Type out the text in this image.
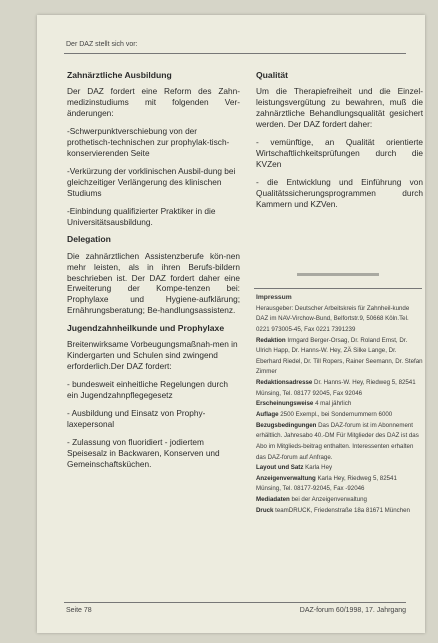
Der DAZ stellt sich vor:
Zahnärztliche Ausbildung

Der DAZ fordert eine Reform des Zahn-medizinstudiums mit folgenden Ver-änderungen:

-Schwerpunktverschiebung von der prothetisch-technischen zur prophylak-tisch-konservierenden Seite

-Verkürzung der vorklinischen Ausbil-dung bei gleichzeitiger Verlängerung des klinischen Studiums

-Einbindung qualifizierter Praktiker in die Universitätsausbildung.

Delegation

Die zahnärztlichen Assistenzberufe kön-nen mehr leisten, als in ihren Berufs-bildern beschrieben ist. Der DAZ fordert daher eine Erweiterung der Kompe-tenzen bei: Prophylaxe und Hygiene-aufklärung; Ernährungsberatung; Be-handlungsassistenz.

Jugendzahnheilkunde und Prophylaxe

Breitenwirksame Vorbeugungsmaßnah-men in Kindergarten und Schulen sind zwingend erforderlich.Der DAZ fordert:

- bundesweit einheitliche Regelungen durch ein Jugendzahnpflegegesetz

- Ausbildung und Einsatz von Prophy-laxepersonal

- Zulassung von fluoridiert - jodiertem Speisesalz in Backwaren, Konserven und Gemeinschaftsküchen.

Qualität

Um die Therapiefreiheit und die Einzel-leistungsvergütung zu bewahren, muß die zahnärztliche Behandlungsqualität gesichert werden. Der DAZ fordert daher:

- vemünftige, an Qualität orientierte Wirtschaftlichkeitsprüfungen durch die KVZen

- die Entwicklung und Einführung von Qualitätssicherungsprogrammen durch Kammern und KZVen.

Impressum
Herausgeber: Deutscher Arbeitskreis für Zahnheil-kunde DAZ im NAV-Virchow-Bund, Belfortstr.9, 50668 Köln.Tel. 0221 973005-45, Fax 0221 7391239
Redaktion Irmgard Berger-Orsag, Dr. Roland Ernst, Dr. Ulrich Happ, Dr. Hanns-W. Hey, ZÄ Silke Lange, Dr. Eberhard Riedel, Dr. Till Ropers, Rainer Seemann, Dr. Stefan Zimmer
Redaktionsadresse Dr. Hanns-W. Hey, Riedweg 5, 82541 Münsing, Tel. 08177 92045, Fax 92046
Erscheinungsweise 4 mal jährlich
Auflage 2500 Exempl., bei Sondernummern 6000
Bezugsbedingungen Das DAZ-forum ist im Abonnement erhältlich. Jahresabo 40.-DM Für Mitglieder des DAZ ist das Abo im Mitglieds-beitrag enthalten. Interessenten erhalten das DAZ-forum auf Anfrage.
Layout und Satz Karla Hey
Anzeigenverwaltung Karla Hey, Riedweg 5, 82541 Münsing, Tel. 08177-92045, Fax -92046
Mediadaten bei der Anzeigenverwaltung
Druck teamDRUCK, Friedenstraße 18a 81671 München
Seite 78	DAZ-forum 60/1998, 17. Jahrgang
